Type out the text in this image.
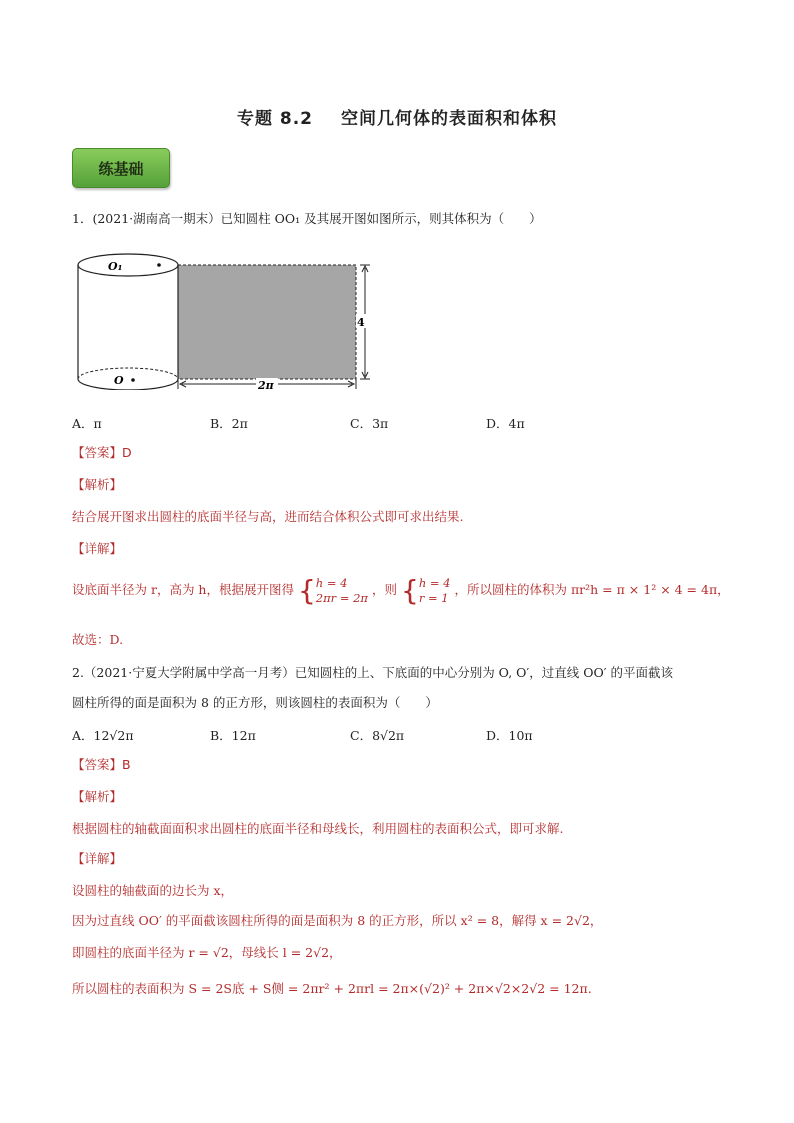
专题 8.2 空间几何体的表面积和体积
练基础
1．(2021·湖南高一期末）已知圆柱 OO₁ 及其展开图如图所示，则其体积为（　　）
O₁
O
4
2π
A．π	B．2π	C．3π	D．4π
【答案】D
【解析】
结合展开图求出圆柱的底面半径与高，进而结合体积公式即可求出结果.
【详解】
设底面半径为 r，高为 h，根据展开图得 {h = 4
2πr = 2π ，则 {h = 4
r = 1 ，所以圆柱的体积为 πr²h = π × 1² × 4 = 4π，
故选：D.
2.（2021·宁夏大学附属中学高一月考）已知圆柱的上、下底面的中心分别为 O, O′，过直线 OO′ 的平面截该
圆柱所得的面是面积为 8 的正方形，则该圆柱的表面积为（　　）
A．12√2π	B．12π	C．8√2π	D．10π
【答案】B
【解析】
根据圆柱的轴截面面积求出圆柱的底面半径和母线长，利用圆柱的表面积公式，即可求解.
【详解】
设圆柱的轴截面的边长为 x，
因为过直线 OO′ 的平面截该圆柱所得的面是面积为 8 的正方形，所以 x² = 8，解得 x = 2√2，
即圆柱的底面半径为 r = √2，母线长 l = 2√2，
所以圆柱的表面积为 S = 2S底 + S侧 = 2πr² + 2πrl = 2π×(√2)² + 2π×√2×2√2 = 12π.
